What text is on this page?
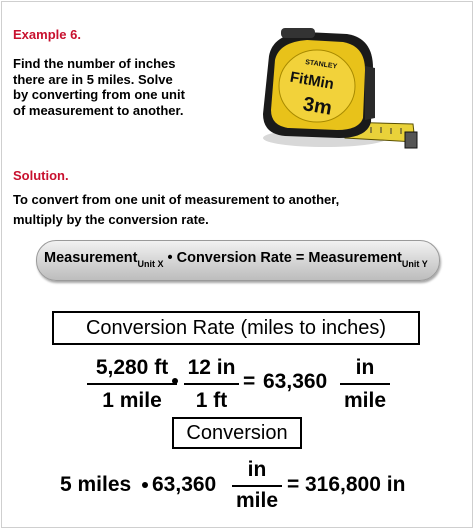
Example 6.
Find the number of inches
there are in 5 miles. Solve
by converting from one unit
of measurement to another.
STANLEY
FitMin
3m
Solution.
To convert from one unit of measurement to another,
multiply by the conversion rate.
Measurement$_{Unit X}$ • Conversion Rate = Measurement$_{Unit Y}$
Conversion Rate (miles to inches)
5,280 ft
1 mile
12 in
1 ft
= 63,360
in
mile
Conversion
5 miles 63,360
in
mile
= 316,800 in
